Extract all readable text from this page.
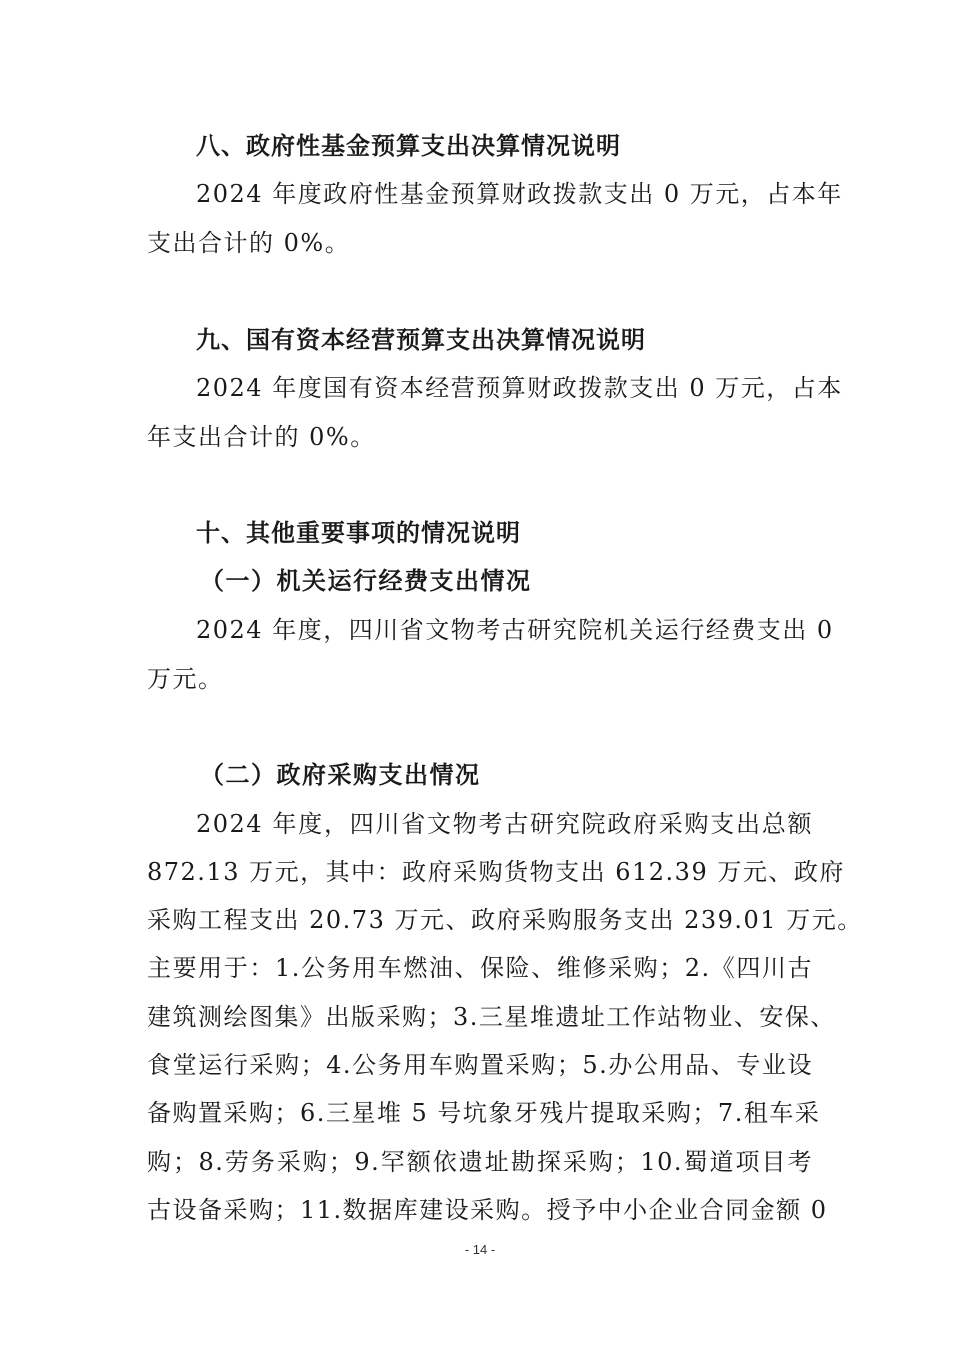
八、政府性基金预算支出决算情况说明
2024 年度政府性基金预算财政拨款支出 0 万元，占本年
支出合计的 0%。
九、国有资本经营预算支出决算情况说明
2024 年度国有资本经营预算财政拨款支出 0 万元，占本
年支出合计的 0%。
十、其他重要事项的情况说明
（一）机关运行经费支出情况
2024 年度，四川省文物考古研究院机关运行经费支出 0
万元。
（二）政府采购支出情况
2024 年度，四川省文物考古研究院政府采购支出总额
872.13 万元，其中：政府采购货物支出 612.39 万元、政府
采购工程支出 20.73 万元、政府采购服务支出 239.01 万元。
主要用于：1.公务用车燃油、保险、维修采购；2.《四川古
建筑测绘图集》出版采购；3.三星堆遗址工作站物业、安保、
食堂运行采购；4.公务用车购置采购；5.办公用品、专业设
备购置采购；6.三星堆 5 号坑象牙残片提取采购；7.租车采
购；8.劳务采购；9.罕额依遗址勘探采购；10.蜀道项目考
古设备采购；11.数据库建设采购。授予中小企业合同金额 0
- 14 -
